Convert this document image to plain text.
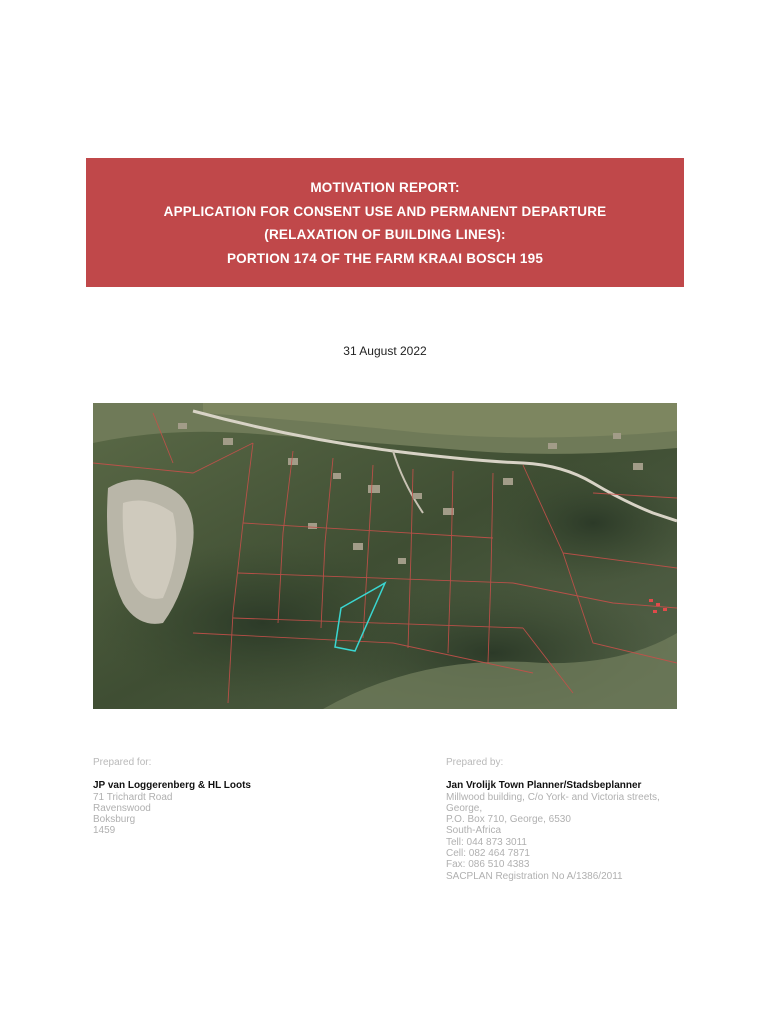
MOTIVATION REPORT:
APPLICATION FOR CONSENT USE AND PERMANENT DEPARTURE
(RELAXATION OF BUILDING LINES):
PORTION 174 OF THE FARM KRAAI BOSCH 195
31 August 2022
Prepared for:
JP van Loggerenberg & HL Loots
71 Trichardt Road
Ravenswood
Boksburg
1459
Prepared by:
Jan Vrolijk Town Planner/Stadsbeplanner
Millwood building, C/o York- and Victoria streets,
George,
P.O. Box 710, George, 6530
South-Africa
Tell: 044 873 3011
Cell: 082 464 7871
Fax: 086 510 4383
SACPLAN Registration No A/1386/2011
